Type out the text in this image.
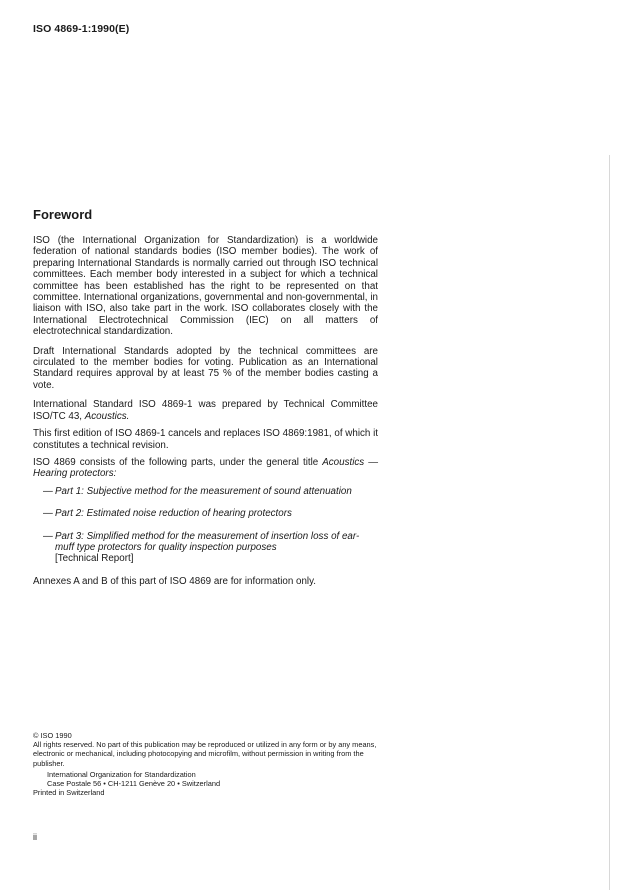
ISO 4869-1:1990(E)
Foreword

ISO (the International Organization for Standardization) is a worldwide federation of national standards bodies (ISO member bodies). The work of preparing International Standards is normally carried out through ISO technical committees. Each member body interested in a subject for which a technical committee has been established has the right to be represented on that committee. International organizations, governmental and non-governmental, in liaison with ISO, also take part in the work. ISO collaborates closely with the International Electrotechnical Commission (IEC) on all matters of electrotechnical standardization.

Draft International Standards adopted by the technical committees are circulated to the member bodies for voting. Publication as an International Standard requires approval by at least 75 % of the member bodies casting a vote.

International Standard ISO 4869-1 was prepared by Technical Committee ISO/TC 43, Acoustics.

This first edition of ISO 4869-1 cancels and replaces ISO 4869:1981, of which it constitutes a technical revision.

ISO 4869 consists of the following parts, under the general title Acoustics — Hearing protectors:

— Part 1: Subjective method for the measurement of sound attenuation
— Part 2: Estimated noise reduction of hearing protectors
— Part 3: Simplified method for the measurement of insertion loss of ear-muff type protectors for quality inspection purposes
[Technical Report]

Annexes A and B of this part of ISO 4869 are for information only.

© ISO 1990
All rights reserved. No part of this publication may be reproduced or utilized in any form or by any means, electronic or mechanical, including photocopying and microfilm, without permission in writing from the publisher.
International Organization for Standardization
Case Postale 56 • CH-1211 Genève 20 • Switzerland
Printed in Switzerland
ii
